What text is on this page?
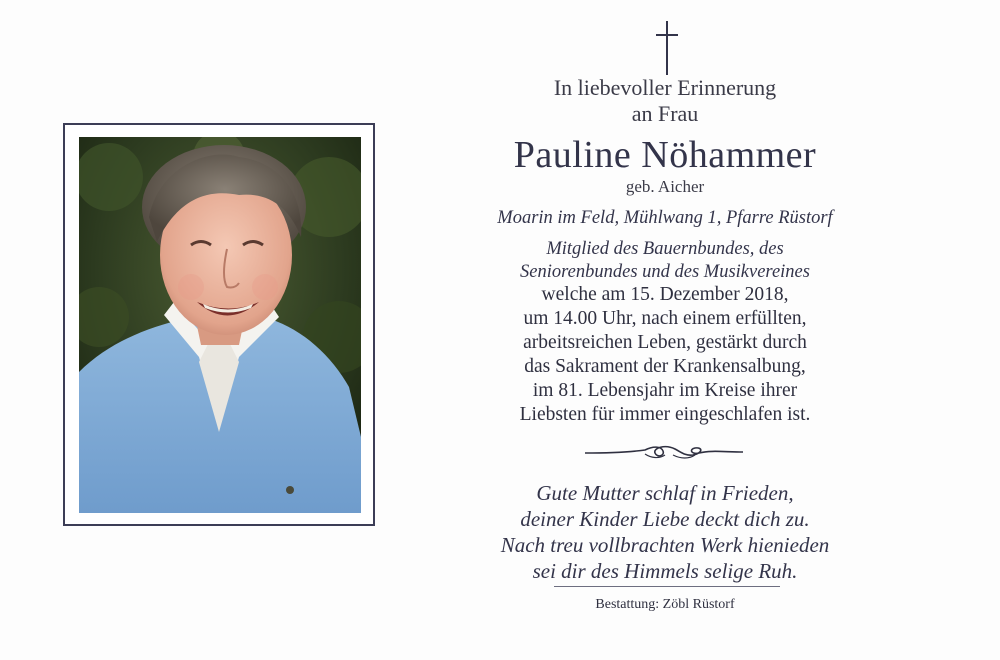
In liebevoller Erinnerung
an Frau
Pauline Nöhammer
geb. Aicher
Moarin im Feld, Mühlwang 1, Pfarre Rüstorf
Mitglied des Bauernbundes, des
Seniorenbundes und des Musikvereines
welche am 15. Dezember 2018,
um 14.00 Uhr, nach einem erfüllten,
arbeitsreichen Leben, gestärkt durch
das Sakrament der Krankensalbung,
im 81. Lebensjahr im Kreise ihrer
Liebsten für immer eingeschlafen ist.
Gute Mutter schlaf in Frieden,
deiner Kinder Liebe deckt dich zu.
Nach treu vollbrachten Werk hienieden
sei dir des Himmels selige Ruh.
Bestattung: Zöbl Rüstorf
